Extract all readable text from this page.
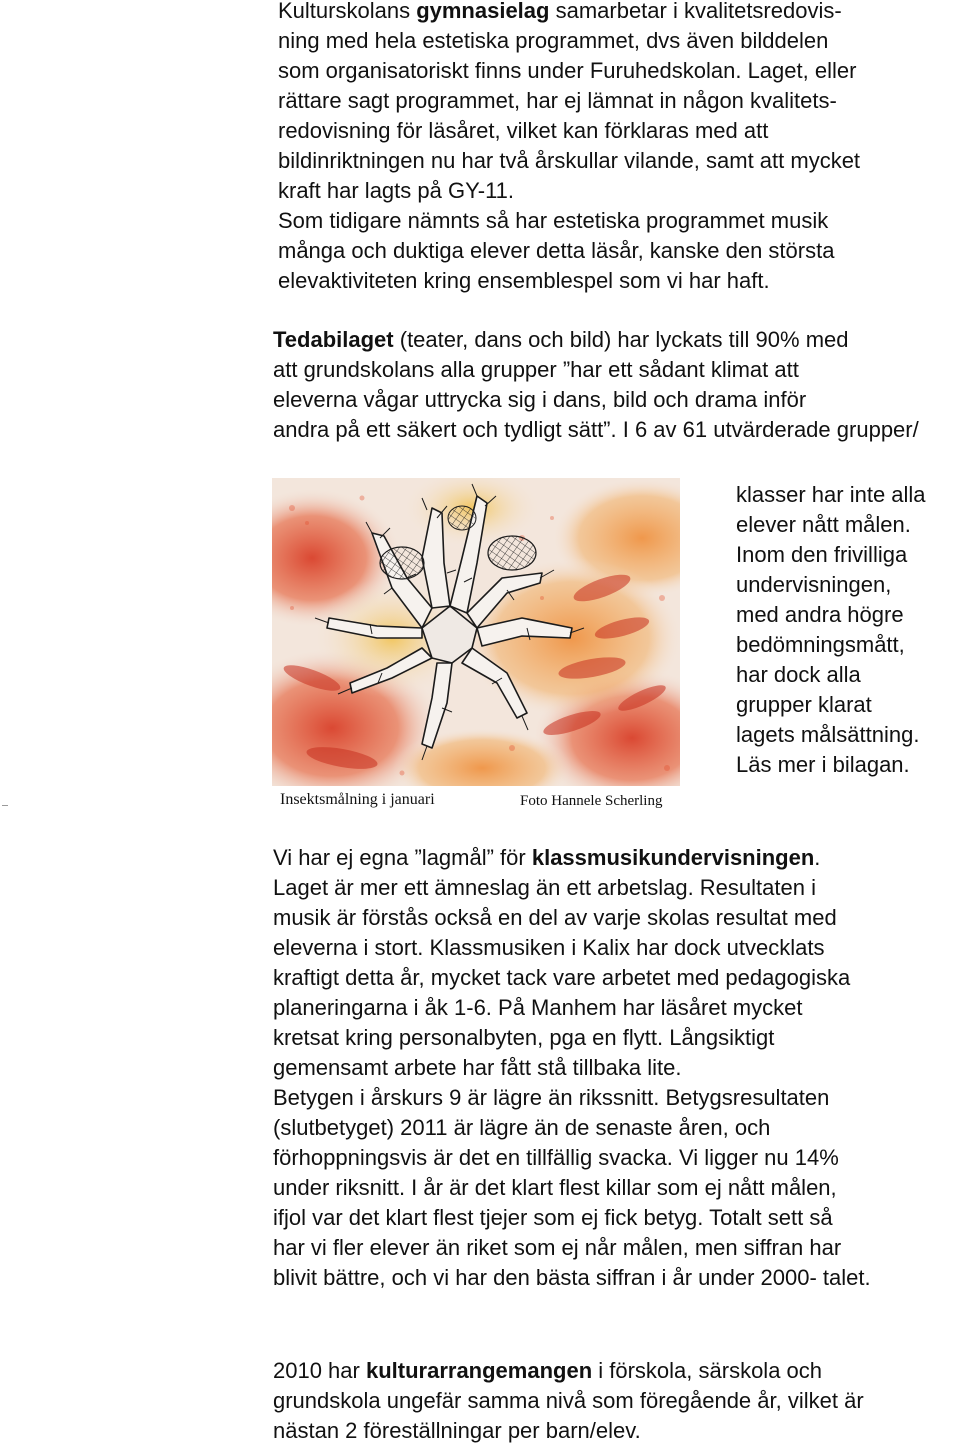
Kulturskolans gymnasielag samarbetar i kvalitetsredovis- ning med hela estetiska programmet, dvs även bilddelen som organisatoriskt finns under Furuhedskolan. Laget, eller rättare sagt programmet, har ej lämnat in någon kvalitets- redovisning för läsåret, vilket kan förklaras med att bildinriktningen nu har två årskullar vilande, samt att mycket kraft har lagts på GY-11. Som tidigare nämnts så har estetiska programmet musik många och duktiga elever detta läsår, kanske den största elevaktiviteten kring ensemblespel som vi har haft.
Tedabilaget (teater, dans och bild) har lyckats till 90% med att grundskolans alla grupper ”har ett sådant klimat att eleverna vågar uttrycka sig i dans, bild och drama inför andra på ett säkert och tydligt sätt”. I 6 av 61 utvärderade grupper/
Insektsmålning i januari	Foto Hannele Scherling
klasser har inte alla elever nått målen. Inom den frivilliga undervisningen, med andra högre bedömningsmått, har dock alla grupper klarat lagets målsättning. Läs mer i bilagan.
Vi har ej egna ”lagmål” för klassmusikundervisningen. Laget är mer ett ämneslag än ett arbetslag. Resultaten i musik är förstås också en del av varje skolas resultat med eleverna i stort. Klassmusiken i Kalix har dock utvecklats kraftigt detta år, mycket tack vare arbetet med pedagogiska planeringarna i åk 1-6. På Manhem har läsåret mycket kretsat kring personalbyten, pga en flytt. Långsiktigt gemensamt arbete har fått stå tillbaka lite. Betygen i årskurs 9 är lägre än rikssnitt. Betygsresultaten (slutbetyget) 2011 är lägre än de senaste åren, och förhoppningsvis är det en tillfällig svacka. Vi ligger nu 14% under riksnitt. I år är det klart flest killar som ej nått målen, ifjol var det klart flest tjejer som ej fick betyg. Totalt sett så har vi fler elever än riket som ej når målen, men siffran har blivit bättre, och vi har den bästa siffran i år under 2000- talet.
2010 har kulturarrangemangen i förskola, särskola och grundskola ungefär samma nivå som föregående år, vilket är nästan 2 föreställningar per barn/elev.
